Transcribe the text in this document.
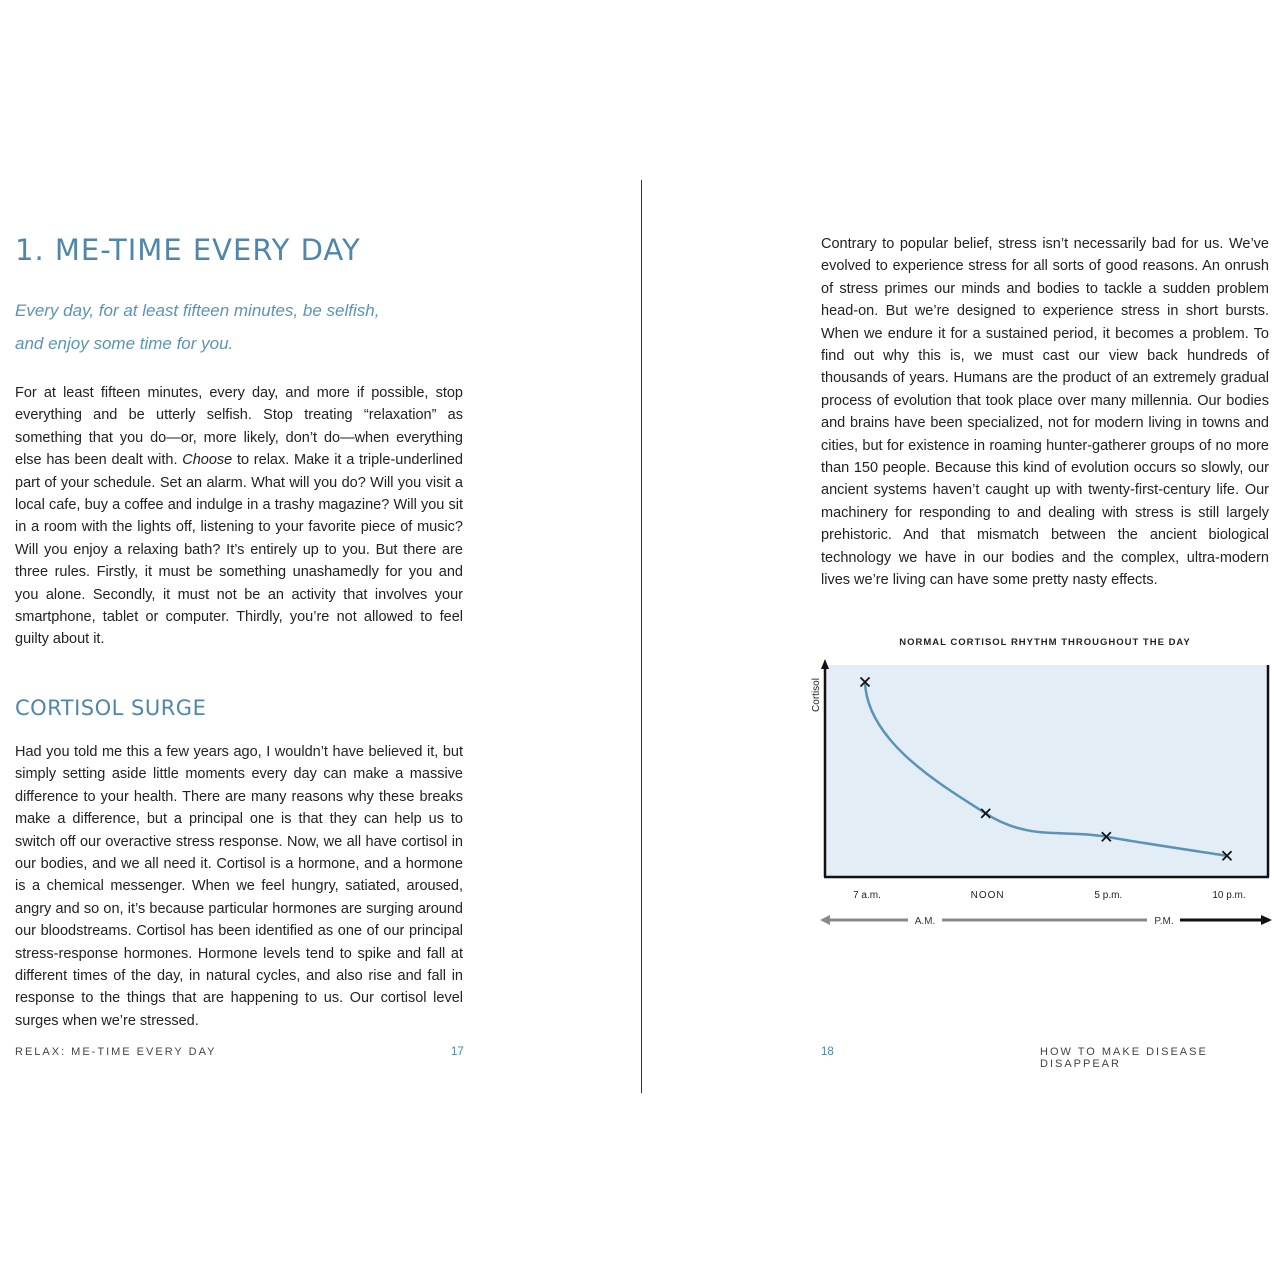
1. ME-TIME EVERY DAY
Every day, for at least fifteen minutes, be selfish,
and enjoy some time for you.

For at least fifteen minutes, every day, and more if possible, stop everything and be utterly selfish. Stop treating “relaxation” as something that you do—or, more likely, don’t do—when everything else has been dealt with. Choose to relax. Make it a triple-underlined part of your schedule. Set an alarm. What will you do? Will you visit a local cafe, buy a coffee and indulge in a trashy magazine? Will you sit in a room with the lights off, listening to your favorite piece of music? Will you enjoy a relaxing bath? It’s entirely up to you. But there are three rules. Firstly, it must be something unashamedly for you and you alone. Secondly, it must not be an activity that involves your smartphone, tablet or computer. Thirdly, you’re not allowed to feel guilty about it.

CORTISOL SURGE

Had you told me this a few years ago, I wouldn’t have believed it, but simply setting aside little moments every day can make a massive difference to your health. There are many reasons why these breaks make a difference, but a principal one is that they can help us to switch off our overactive stress response. Now, we all have cortisol in our bodies, and we all need it. Cortisol is a hormone, and a hormone is a chemical messenger. When we feel hungry, satiated, aroused, angry and so on, it’s because particular hormones are surging around our bloodstreams. Cortisol has been identified as one of our principal stress-response hormones. Hormone levels tend to spike and fall at different times of the day, in natural cycles, and also rise and fall in response to the things that are happening to us. Our cortisol level surges when we’re stressed.

RELAX: ME-TIME EVERY DAY	17

Contrary to popular belief, stress isn’t necessarily bad for us. We’ve evolved to experience stress for all sorts of good reasons. An onrush of stress primes our minds and bodies to tackle a sudden problem head-on. But we’re designed to experience stress in short bursts. When we endure it for a sustained period, it becomes a problem. To find out why this is, we must cast our view back hundreds of thousands of years. Humans are the product of an extremely gradual process of evolution that took place over many millennia. Our bodies and brains have been specialized, not for modern living in towns and cities, but for existence in roaming hunter-gatherer groups of no more than 150 people. Because this kind of evolution occurs so slowly, our ancient systems haven’t caught up with twenty-first-century life. Our machinery for responding to and dealing with stress is still largely prehistoric. And that mismatch between the ancient biological technology we have in our bodies and the complex, ultra-modern lives we’re living can have some pretty nasty effects.

NORMAL CORTISOL RHYTHM THROUGHOUT THE DAY
Cortisol
7 a.m.	NOON	5 p.m.	10 p.m.
A.M.	P.M.
18	HOW TO MAKE DISEASE DISAPPEAR
